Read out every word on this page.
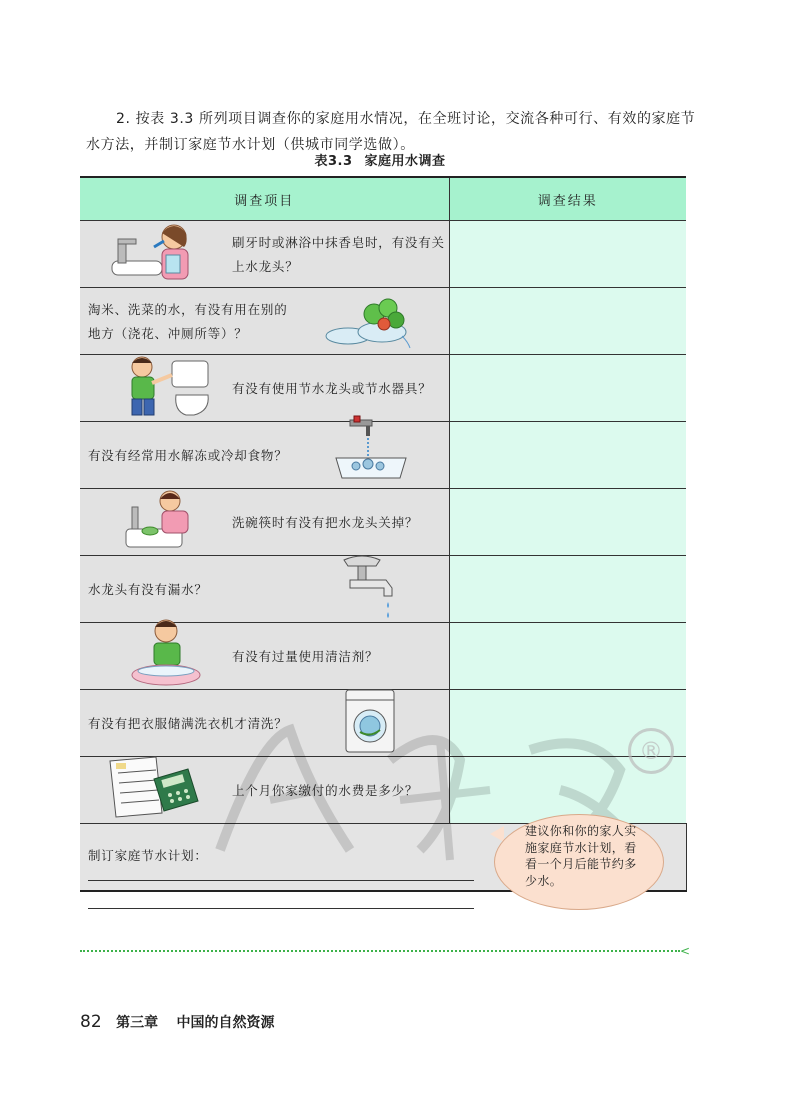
2. 按表 3.3 所列项目调查你的家庭用水情况，在全班讨论，交流各种可行、有效的家庭节水方法，并制订家庭节水计划（供城市同学选做）。

表3.3 家庭用水调查
调查项目	调查结果

刷牙时或淋浴中抹香皂时，有没有关上水龙头？	

淘米、洗菜的水，有没有用在别的地方（浇花、冲厕所等）？	

有没有使用节水龙头或节水器具？	

有没有经常用水解冻或冷却食物？	

洗碗筷时有没有把水龙头关掉？	

水龙头有没有漏水？	

有没有过量使用清洁剂？	

有没有把衣服储满洗衣机才清洗？	

上个月你家缴付的水费是多少？	

制订家庭节水计划：	
®
建议你和你的家人实施家庭节水计划，看看一个月后能节约多少水。
<
82 第三章 中国的自然资源
